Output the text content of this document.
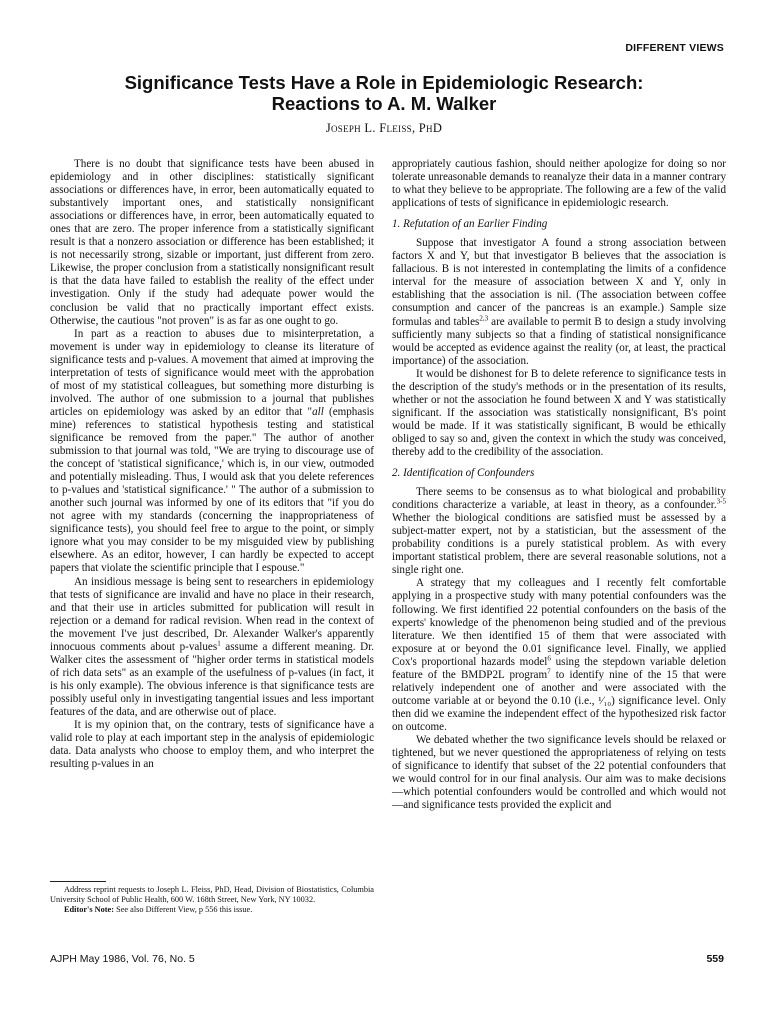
DIFFERENT VIEWS
Significance Tests Have a Role in Epidemiologic Research:
Reactions to A. M. Walker
Joseph L. Fleiss, PhD

There is no doubt that significance tests have been abused in epidemiology and in other disciplines: statistically significant associations or differences have, in error, been automatically equated to substantively important ones, and statistically nonsignificant associations or differences have, in error, been automatically equated to ones that are zero. The proper inference from a statistically significant result is that a nonzero association or difference has been established; it is not necessarily strong, sizable or important, just different from zero. Likewise, the proper conclusion from a statistically nonsignificant result is that the data have failed to establish the reality of the effect under investigation. Only if the study had adequate power would the conclusion be valid that no practically important effect exists. Otherwise, the cautious "not proven" is as far as one ought to go.

In part as a reaction to abuses due to misinterpretation, a movement is under way in epidemiology to cleanse its literature of significance tests and p-values. A movement that aimed at improving the interpretation of tests of significance would meet with the approbation of most of my statistical colleagues, but something more disturbing is involved. The author of one submission to a journal that publishes articles on epidemiology was asked by an editor that "all (emphasis mine) references to statistical hypothesis testing and statistical significance be removed from the paper." The author of another submission to that journal was told, "We are trying to discourage use of the concept of 'statistical significance,' which is, in our view, outmoded and potentially misleading. Thus, I would ask that you delete references to p-values and 'statistical significance.' " The author of a submission to another such journal was informed by one of its editors that "if you do not agree with my standards (concerning the inappropriateness of significance tests), you should feel free to argue to the point, or simply ignore what you may consider to be my misguided view by publishing elsewhere. As an editor, however, I can hardly be expected to accept papers that violate the scientific principle that I espouse."

An insidious message is being sent to researchers in epidemiology that tests of significance are invalid and have no place in their research, and that their use in articles submitted for publication will result in rejection or a demand for radical revision. When read in the context of the movement I've just described, Dr. Alexander Walker's apparently innocuous comments about p-values$^1$ assume a different meaning. Dr. Walker cites the assessment of "higher order terms in statistical models of rich data sets" as an example of the usefulness of p-values (in fact, it is his only example). The obvious inference is that significance tests are possibly useful only in investigating tangential issues and less important features of the data, and are otherwise out of place.

It is my opinion that, on the contrary, tests of significance have a valid role to play at each important step in the analysis of epidemiologic data. Data analysts who choose to employ them, and who interpret the resulting p-values in an

Address reprint requests to Joseph L. Fleiss, PhD, Head, Division of Biostatistics, Columbia University School of Public Health, 600 W. 168th Street, New York, NY 10032.

Editor's Note: See also Different View, p 556 this issue.

appropriately cautious fashion, should neither apologize for doing so nor tolerate unreasonable demands to reanalyze their data in a manner contrary to what they believe to be appropriate. The following are a few of the valid applications of tests of significance in epidemiologic research.

1. Refutation of an Earlier Finding

Suppose that investigator A found a strong association between factors X and Y, but that investigator B believes that the association is fallacious. B is not interested in contemplating the limits of a confidence interval for the measure of association between X and Y, only in establishing that the association is nil. (The association between coffee consumption and cancer of the pancreas is an example.) Sample size formulas and tables$^{2,3}$ are available to permit B to design a study involving sufficiently many subjects so that a finding of statistical nonsignificance would be accepted as evidence against the reality (or, at least, the practical importance) of the association.

It would be dishonest for B to delete reference to significance tests in the description of the study's methods or in the presentation of its results, whether or not the association he found between X and Y was statistically significant. If the association was statistically nonsignificant, B's point would be made. If it was statistically significant, B would be ethically obliged to say so and, given the context in which the study was conceived, thereby add to the credibility of the association.

2. Identification of Confounders

There seems to be consensus as to what biological and probability conditions characterize a variable, at least in theory, as a confounder.$^{3-5}$ Whether the biological conditions are satisfied must be assessed by a subject-matter expert, not by a statistician, but the assessment of the probability conditions is a purely statistical problem. As with every important statistical problem, there are several reasonable solutions, not a single right one.

A strategy that my colleagues and I recently felt comfortable applying in a prospective study with many potential confounders was the following. We first identified 22 potential confounders on the basis of the experts' knowledge of the phenomenon being studied and of the previous literature. We then identified 15 of them that were associated with exposure at or beyond the 0.01 significance level. Finally, we applied Cox's proportional hazards model$^6$ using the stepdown variable deletion feature of the BMDP2L program$^7$ to identify nine of the 15 that were relatively independent one of another and were associated with the outcome variable at or beyond the 0.10 (i.e., ¹⁄₁₀) significance level. Only then did we examine the independent effect of the hypothesized risk factor on outcome.

We debated whether the two significance levels should be relaxed or tightened, but we never questioned the appropriateness of relying on tests of significance to identify that subset of the 22 potential confounders that we would control for in our final analysis. Our aim was to make decisions—which potential confounders would be controlled and which would not—and significance tests provided the explicit and

AJPH May 1986, Vol. 76, No. 5	559
